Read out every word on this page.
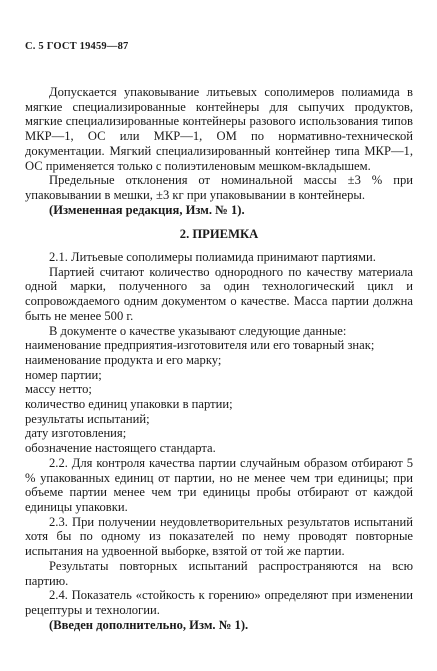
С. 5 ГОСТ 19459—87

Допускается упаковывание литьевых сополимеров полиамида в мягкие специализированные контейнеры для сыпучих продуктов, мягкие специализированные контейнеры разового использования типов МКР—1, ОС или МКР—1, ОМ по нормативно-технической документации. Мягкий специализированный контейнер типа МКР—1, ОС применяется только с полиэтиленовым мешком-вкладышем.

Предельные отклонения от номинальной массы ±3 % при упаковывании в мешки, ±3 кг при упаковывании в контейнеры.

(Измененная редакция, Изм. № 1).

2. ПРИЕМКА

2.1. Литьевые сополимеры полиамида принимают партиями.

Партией считают количество однородного по качеству материала одной марки, полученного за один технологический цикл и сопровождаемого одним документом о качестве. Масса партии должна быть не менее 500 г.

В документе о качестве указывают следующие данные:

наименование предприятия-изготовителя или его товарный знак;

наименование продукта и его марку;

номер партии;

массу нетто;

количество единиц упаковки в партии;

результаты испытаний;

дату изготовления;

обозначение настоящего стандарта.

2.2. Для контроля качества партии случайным образом отбирают 5 % упакованных единиц от партии, но не менее чем три единицы; при объеме партии менее чем три единицы пробы отбирают от каждой единицы упаковки.

2.3. При получении неудовлетворительных результатов испытаний хотя бы по одному из показателей по нему проводят повторные испытания на удвоенной выборке, взятой от той же партии.

Результаты повторных испытаний распространяются на всю партию.

2.4. Показатель «стойкость к горению» определяют при изменении рецептуры и технологии.

(Введен дополнительно, Изм. № 1).
